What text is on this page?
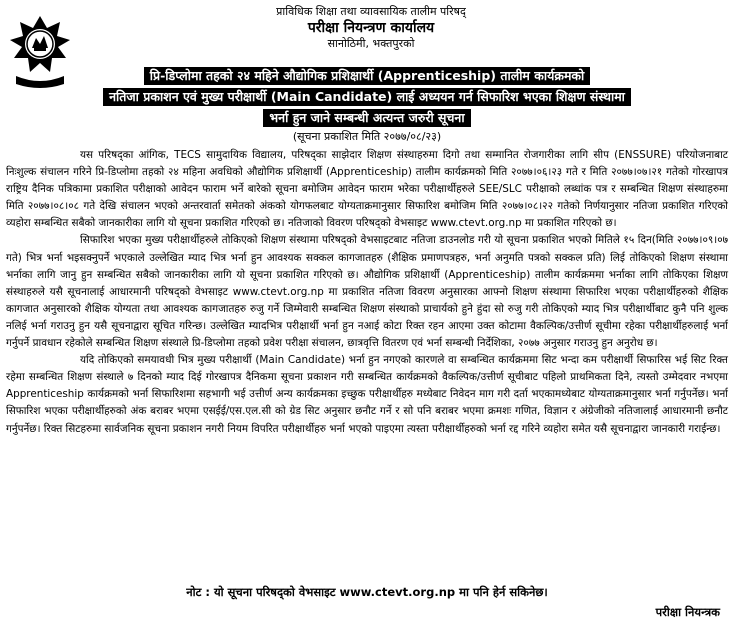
प्राविधिक शिक्षा तथा व्यावसायिक तालीम परिषद्
परीक्षा नियन्त्रण कार्यालय
सानोठिमी, भक्तपुरको
प्रि-डिप्लोमा तहको २४ महिने औद्योगिक प्रशिक्षार्थी (Apprenticeship) तालीम कार्यक्रमको
नतिजा प्रकाशन एवं मुख्य परीक्षार्थी (Main Candidate) लाई अध्ययन गर्न सिफारिश भएका शिक्षण संस्थामा
भर्ना हुन जाने सम्बन्धी अत्यन्त जरुरी सूचना
(सूचना प्रकाशित मिति २०७७/०८/२३)

यस परिषद्का आंगिक, TECS सामुदायिक विद्यालय, परिषद्का साझेदार शिक्षण संस्थाहरुमा दिगो तथा सम्मानित रोजगारीका लागि सीप (ENSSURE) परियोजनाबाट निःशुल्क संचालन गरिने प्रि-डिप्लोमा तहको २४ महिना अवधिको औद्योगिक प्रशिक्षार्थी (Apprenticeship) तालीम कार्यक्रमको मिति २०७७।०६।२३ गते र मिति २०७७।०७।२१ गतेको गोरखापत्र राष्ट्रिय दैनिक पत्रिकामा प्रकाशित परीक्षाको आवेदन फाराम भर्ने बारेको सूचना बमोजिम आवेदन फाराम भरेका परीक्षार्थीहरुले SEE/SLC परीक्षाको लब्धांक पत्र र सम्बन्धित शिक्षण संस्थाहरुमा मिति २०७७।०८।०८ गते देखि संचालन भएको अन्तरवार्ता समेतको अंकको योगफलबाट योग्यताक्रमानुसार सिफारिश बमोजिम मिति २०७७।०८।२२ गतेको निर्णयानुसार नतिजा प्रकाशित गरिएको व्यहोरा सम्बन्धित सबैको जानकारीका लागि यो सूचना प्रकाशित गरिएको छ। नतिजाको विवरण परिषद्को वेभसाइट www.ctevt.org.np मा प्रकाशित गरिएको छ।

सिफारिश भएका मुख्य परीक्षार्थीहरुले तोकिएको शिक्षण संस्थामा परिषद्को वेभसाइटबाट नतिजा डाउनलोड गरी यो सूचना प्रकाशित भएको मितिले १५ दिन(मिति २०७७।०९।०७ गते) भित्र भर्ना भइसक्नुपर्ने भएकाले उल्लेखित म्याद भित्र भर्ना हुन आवश्यक सक्कल कागजातहरु (शैक्षिक प्रमाणपत्रहरु, भर्ना अनुमति पत्रको सक्कल प्रति) लिई तोकिएको शिक्षण संस्थामा भर्नाका लागि जानु हुन सम्बन्धित सबैको जानकारीका लागि यो सूचना प्रकाशित गरिएको छ। औद्योगिक प्रशिक्षार्थी (Apprenticeship) तालीम कार्यक्रममा भर्नाका लागि तोकिएका शिक्षण संस्थाहरुले यसै सूचनालाई आधारमानी परिषद्को वेभसाइट www.ctevt.org.np मा प्रकाशित नतिजा विवरण अनुसारका आफ्नो शिक्षण संस्थामा सिफारिश भएका परीक्षार्थीहरुको शैक्षिक कागजात अनुसारको शैक्षिक योग्यता तथा आवश्यक कागजातहरु रुजु गर्ने जिम्मेवारी सम्बन्धित शिक्षण संस्थाको प्राचार्यको हुने हुंदा सो रुजु गरी तोकिएको म्याद भित्र परीक्षार्थीबाट कुनै पनि शुल्क नलिई भर्ना गराउनु हुन यसै सूचनाद्वारा सूचित गरिन्छ। उल्लेखित म्यादभित्र परीक्षार्थी भर्ना हुन नआई कोटा रिक्त रहन आएमा उक्त कोटामा वैकल्पिक/उत्तीर्ण सूचीमा रहेका परीक्षार्थीहरुलाई भर्ना गर्नुपर्ने प्रावधान रहेकोले सम्बन्धित शिक्षण संस्थाले प्रि-डिप्लोमा तहको प्रवेश परीक्षा संचालन, छात्रवृत्ति वितरण एवं भर्ना सम्बन्धी निर्देशिका, २०७७ अनुसार गराउनु हुन अनुरोध छ।

यदि तोकिएको समयावधी भित्र मुख्य परीक्षार्थी (Main Candidate) भर्ना हुन नगएको कारणले वा सम्बन्धित कार्यक्रममा सिट भन्दा कम परीक्षार्थी सिफारिस भई सिट रिक्त रहेमा सम्बन्धित शिक्षण संस्थाले ७ दिनको म्याद दिई गोरखापत्र दैनिकमा सूचना प्रकाशन गरी सम्बन्धित कार्यक्रमको वैकल्पिक/उत्तीर्ण सूचीबाट पहिलो प्राथमिकता दिने, त्यस्तो उम्मेदवार नभएमा Apprenticeship कार्यक्रमको भर्ना सिफारिशमा सहभागी भई उत्तीर्ण अन्य कार्यक्रमका इच्छुक परीक्षार्थीहरु मध्येबाट निवेदन माग गरी दर्ता भएकामध्येबाट योग्यताक्रमानुसार भर्ना गर्नुपर्नेछ। भर्ना सिफारिश भएका परीक्षार्थीहरुको अंक बराबर भएमा एसईई/एस.एल.सी को ग्रेड सिट अनुसार छनौट गर्ने र सो पनि बराबर भएमा क्रमशः गणित, विज्ञान र अंग्रेजीको नतिजालाई आधारमानी छनौट गर्नुपर्नेछ। रिक्त सिटहरुमा सार्वजनिक सूचना प्रकाशन नगरी नियम विपरित परीक्षार्थीहरु भर्ना भएको पाइएमा त्यस्ता परीक्षार्थीहरुको भर्ना रद्द गरिने व्यहोरा समेत यसै सूचनाद्वारा जानकारी गराईन्छ।

नोट : यो सूचना परिषद्को वेभसाइट www.ctevt.org.np मा पनि हेर्न सकिनेछ।
परीक्षा नियन्त्रक
